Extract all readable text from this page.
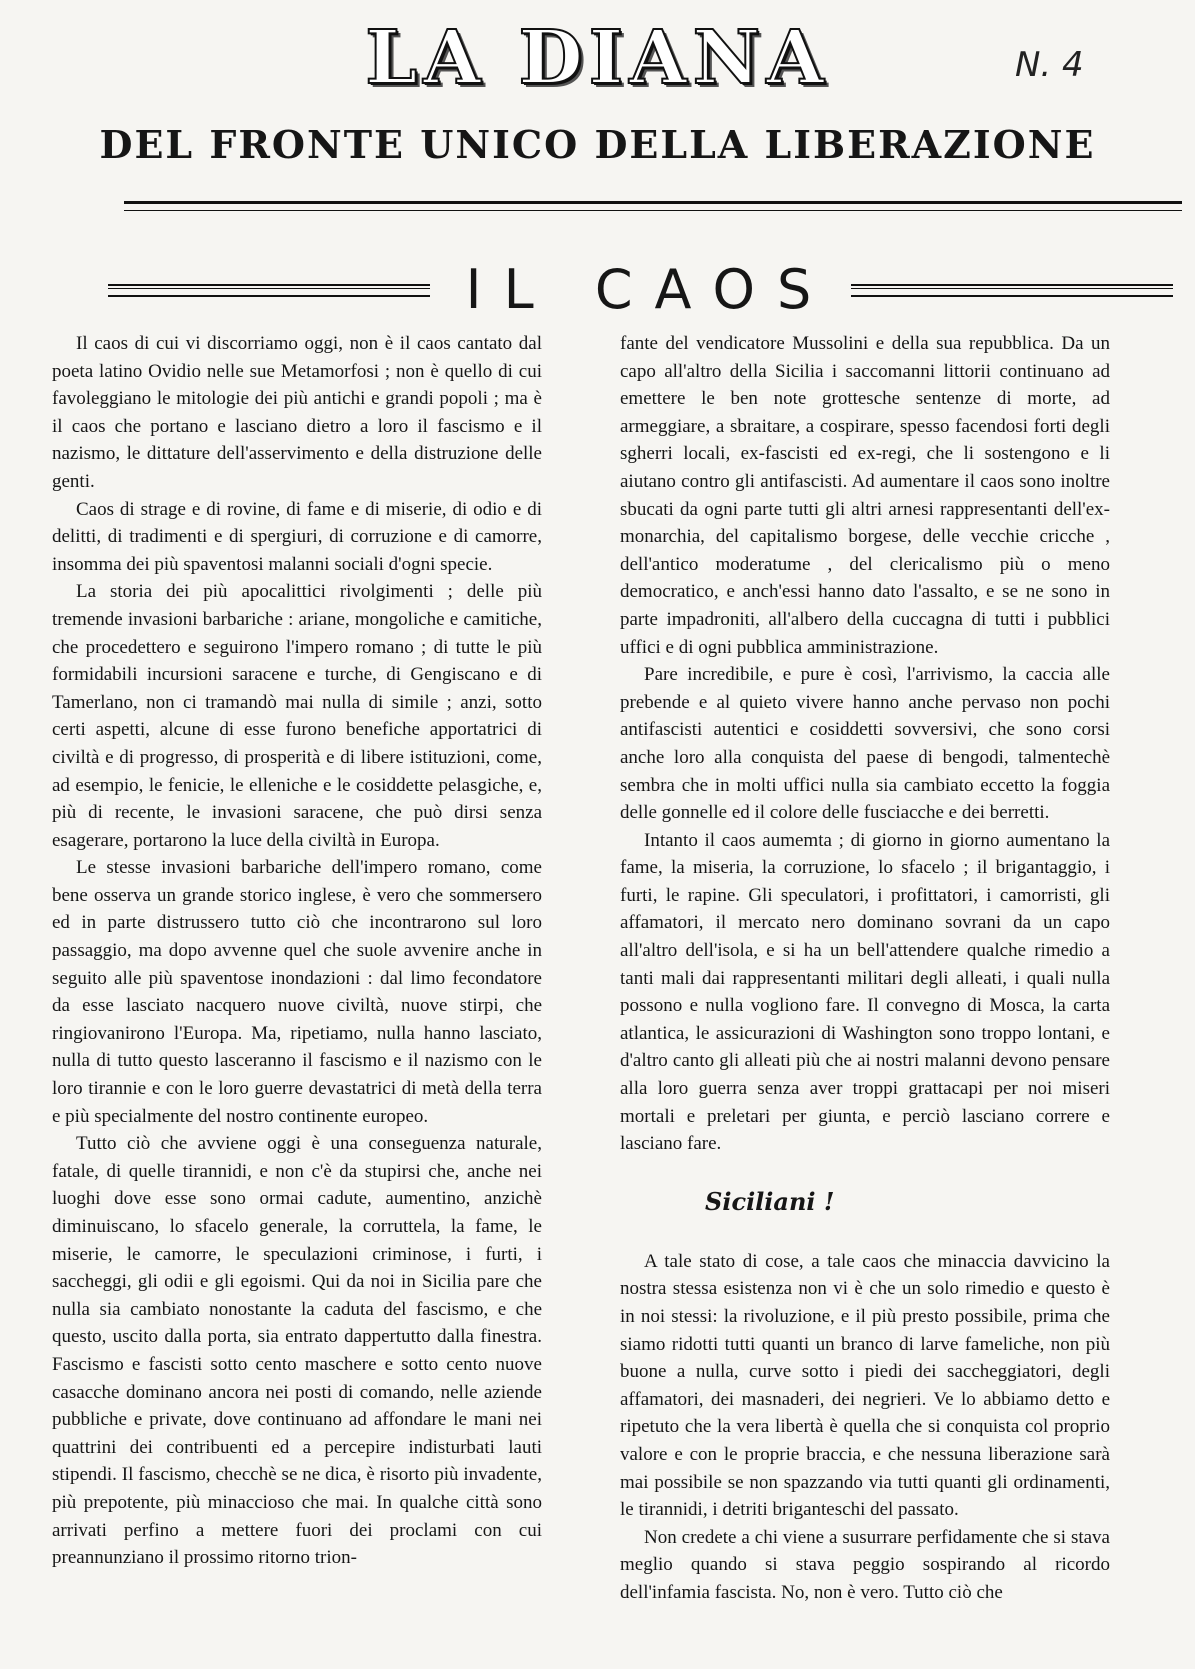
LA DIANA	N. 4
DEL FRONTE UNICO DELLA LIBERAZIONE
IL CAOS

Il caos di cui vi discorriamo oggi, non è il caos cantato dal poeta latino Ovidio nelle sue Metamorfosi ; non è quello di cui favoleggiano le mitologie dei più antichi e grandi popoli ; ma è il caos che portano e lasciano dietro a loro il fascismo e il nazismo, le dittature dell'asservimento e della distruzione delle genti.

Caos di strage e di rovine, di fame e di miserie, di odio e di delitti, di tradimenti e di spergiuri, di corruzione e di camorre, insomma dei più spaventosi malanni sociali d'ogni specie.

La storia dei più apocalittici rivolgimenti ; delle più tremende invasioni barbariche : ariane, mongoliche e camitiche, che procedettero e seguirono l'impero romano ; di tutte le più formidabili incursioni saracene e turche, di Gengiscano e di Tamerlano, non ci tramandò mai nulla di simile ; anzi, sotto certi aspetti, alcune di esse furono benefiche apportatrici di civiltà e di progresso, di prosperità e di libere istituzioni, come, ad esempio, le fenicie, le elleniche e le cosiddette pelasgiche, e, più di recente, le invasioni saracene, che può dirsi senza esagerare, portarono la luce della civiltà in Europa.

Le stesse invasioni barbariche dell'impero romano, come bene osserva un grande storico inglese, è vero che sommersero ed in parte distrussero tutto ciò che incontrarono sul loro passaggio, ma dopo avvenne quel che suole avvenire anche in seguito alle più spaventose inondazioni : dal limo fecondatore da esse lasciato nacquero nuove civiltà, nuove stirpi, che ringiovanirono l'Europa. Ma, ripetiamo, nulla hanno lasciato, nulla di tutto questo lasceranno il fascismo e il nazismo con le loro tirannie e con le loro guerre devastatrici di metà della terra e più specialmente del nostro continente europeo.

Tutto ciò che avviene oggi è una conseguenza naturale, fatale, di quelle tirannidi, e non c'è da stupirsi che, anche nei luoghi dove esse sono ormai cadute, aumentino, anzichè diminuiscano, lo sfacelo generale, la corruttela, la fame, le miserie, le camorre, le speculazioni criminose, i furti, i saccheggi, gli odii e gli egoismi. Qui da noi in Sicilia pare che nulla sia cambiato nonostante la caduta del fascismo, e che questo, uscito dalla porta, sia entrato dappertutto dalla finestra. Fascismo e fascisti sotto cento maschere e sotto cento nuove casacche dominano ancora nei posti di comando, nelle aziende pubbliche e private, dove continuano ad affondare le mani nei quattrini dei contribuenti ed a percepire indisturbati lauti stipendi. Il fascismo, checchè se ne dica, è risorto più invadente, più prepotente, più minaccioso che mai. In qualche città sono arrivati perfino a mettere fuori dei proclami con cui preannunziano il prossimo ritorno trion-

fante del vendicatore Mussolini e della sua repubblica. Da un capo all'altro della Sicilia i saccomanni littorii continuano ad emettere le ben note grottesche sentenze di morte, ad armeggiare, a sbraitare, a cospirare, spesso facendosi forti degli sgherri locali, ex-fascisti ed ex-regi, che li sostengono e li aiutano contro gli antifascisti. Ad aumentare il caos sono inoltre sbucati da ogni parte tutti gli altri arnesi rappresentanti dell'ex-monarchia, del capitalismo borgese, delle vecchie cricche , dell'antico moderatume , del clericalismo più o meno democratico, e anch'essi hanno dato l'assalto, e se ne sono in parte impadroniti, all'albero della cuccagna di tutti i pubblici uffici e di ogni pubblica amministrazione.

Pare incredibile, e pure è così, l'arrivismo, la caccia alle prebende e al quieto vivere hanno anche pervaso non pochi antifascisti autentici e cosiddetti sovversivi, che sono corsi anche loro alla conquista del paese di bengodi, talmentechè sembra che in molti uffici nulla sia cambiato eccetto la foggia delle gonnelle ed il colore delle fusciacche e dei berretti.

Intanto il caos aumemta ; di giorno in giorno aumentano la fame, la miseria, la corruzione, lo sfacelo ; il brigantaggio, i furti, le rapine. Gli speculatori, i profittatori, i camorristi, gli affamatori, il mercato nero dominano sovrani da un capo all'altro dell'isola, e si ha un bell'attendere qualche rimedio a tanti mali dai rappresentanti militari degli alleati, i quali nulla possono e nulla vogliono fare. Il convegno di Mosca, la carta atlantica, le assicurazioni di Washington sono troppo lontani, e d'altro canto gli alleati più che ai nostri malanni devono pensare alla loro guerra senza aver troppi grattacapi per noi miseri mortali e preletari per giunta, e perciò lasciano correre e lasciano fare.

Siciliani !

A tale stato di cose, a tale caos che minaccia davvicino la nostra stessa esistenza non vi è che un solo rimedio e questo è in noi stessi: la rivoluzione, e il più presto possibile, prima che siamo ridotti tutti quanti un branco di larve fameliche, non più buone a nulla, curve sotto i piedi dei saccheggiatori, degli affamatori, dei masnaderi, dei negrieri. Ve lo abbiamo detto e ripetuto che la vera libertà è quella che si conquista col proprio valore e con le proprie braccia, e che nessuna liberazione sarà mai possibile se non spazzando via tutti quanti gli ordinamenti, le tirannidi, i detriti briganteschi del passato.

Non credete a chi viene a susurrare perfidamente che si stava meglio quando si stava peggio sospirando al ricordo dell'infamia fascista. No, non è vero. Tutto ciò che
